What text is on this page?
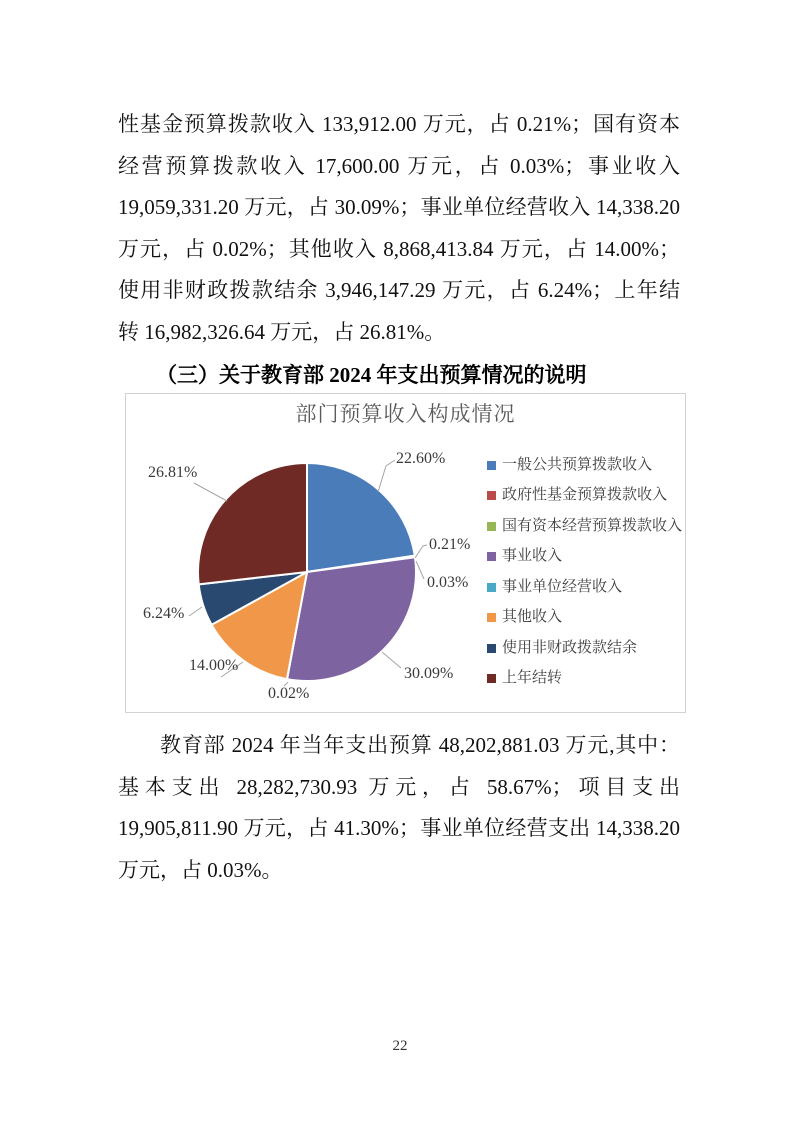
性基金预算拨款收入 133,912.00 万元，占 0.21%；国有资本
经营预算拨款收入 17,600.00 万元，占 0.03%；事业收入
19,059,331.20 万元，占 30.09%；事业单位经营收入 14,338.20
万元，占 0.02%；其他收入 8,868,413.84 万元，占 14.00%；
使用非财政拨款结余 3,946,147.29 万元，占 6.24%；上年结
转 16,982,326.64 万元，占 26.81%。
（三）关于教育部 2024 年支出预算情况的说明
部门预算收入构成情况
22.60%
0.21%
0.03%
30.09%
0.02%
14.00%
6.24%
26.81%	一般公共预算拨款收入
政府性基金预算拨款收入
国有资本经营预算拨款收入
事业收入
事业单位经营收入
其他收入
使用非财政拨款结余
上年结转
教育部 2024 年当年支出预算 48,202,881.03 万元,其中：
基本支出 28,282,730.93 万元，占 58.67%；项目支出
19,905,811.90 万元，占 41.30%；事业单位经营支出 14,338.20
万元，占 0.03%。
22
